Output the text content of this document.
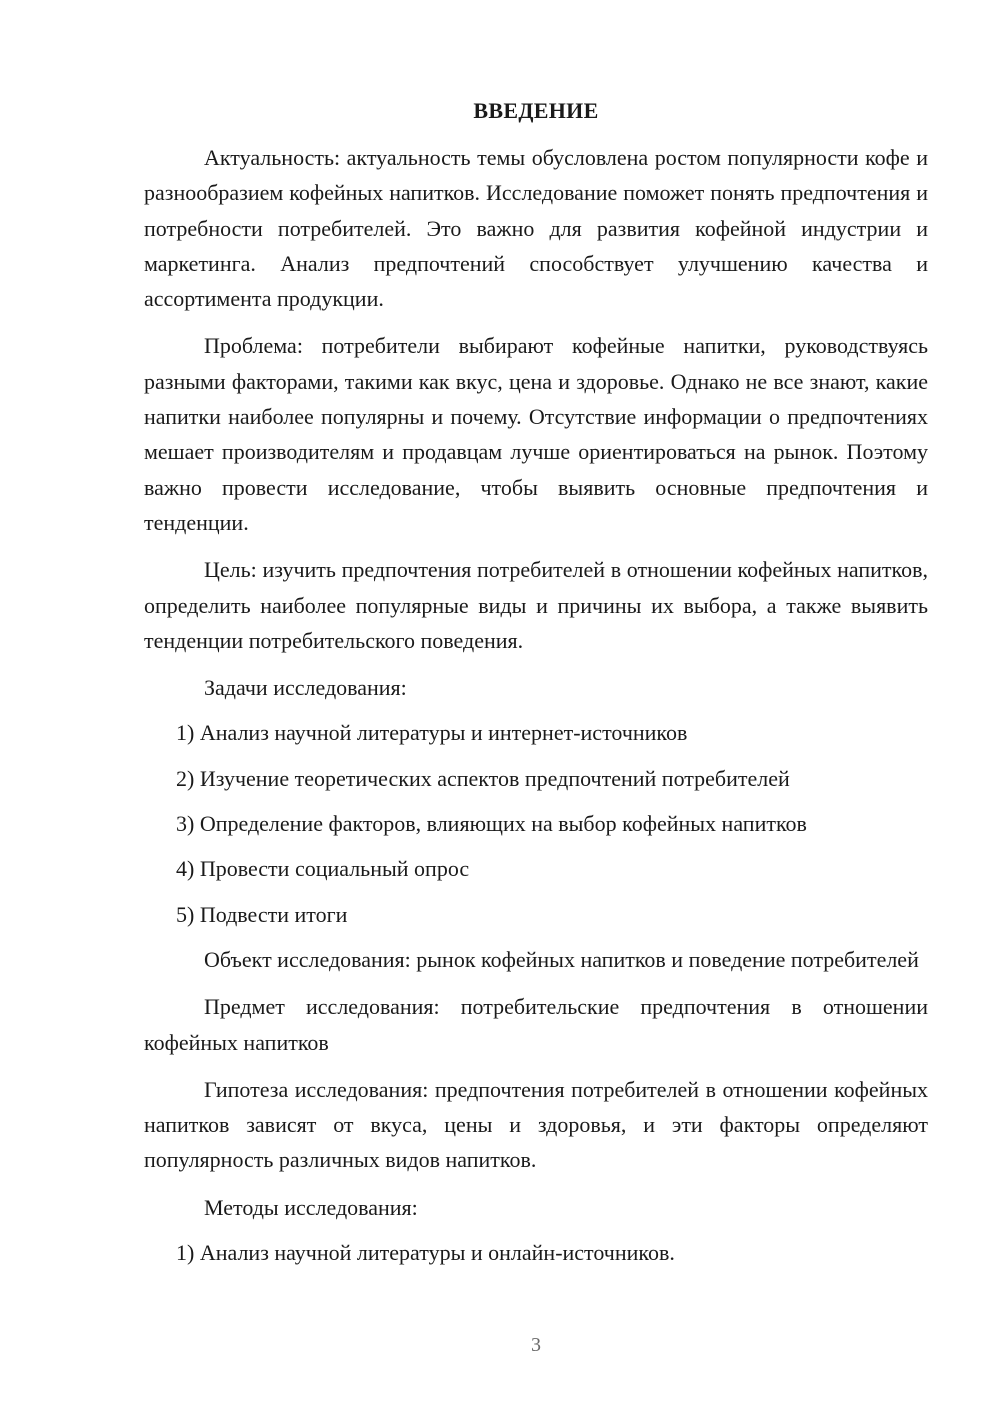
ВВЕДЕНИЕ

Актуальность: актуальность темы обусловлена ростом популярности кофе и разнообразием кофейных напитков. Исследование поможет понять предпочтения и потребности потребителей. Это важно для развития кофейной индустрии и маркетинга. Анализ предпочтений способствует улучшению качества и ассортимента продукции.

Проблема: потребители выбирают кофейные напитки, руководствуясь разными факторами, такими как вкус, цена и здоровье. Однако не все знают, какие напитки наиболее популярны и почему. Отсутствие информации о предпочтениях мешает производителям и продавцам лучше ориентироваться на рынок. Поэтому важно провести исследование, чтобы выявить основные предпочтения и тенденции.

Цель: изучить предпочтения потребителей в отношении кофейных напитков, определить наиболее популярные виды и причины их выбора, а также выявить тенденции потребительского поведения.

Задачи исследования:

1) Анализ научной литературы и интернет-источников

2) Изучение теоретических аспектов предпочтений потребителей

3) Определение факторов, влияющих на выбор кофейных напитков

4) Провести социальный опрос

5) Подвести итоги

Объект исследования: рынок кофейных напитков и поведение потребителей

Предмет исследования: потребительские предпочтения в отношении кофейных напитков

Гипотеза исследования: предпочтения потребителей в отношении кофейных напитков зависят от вкуса, цены и здоровья, и эти факторы определяют популярность различных видов напитков.

Методы исследования:

1) Анализ научной литературы и онлайн-источников.

3
